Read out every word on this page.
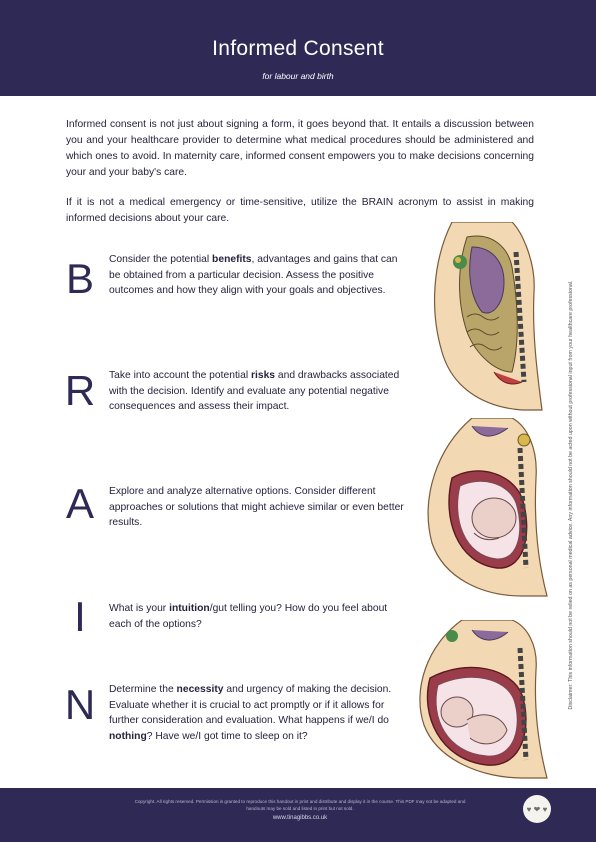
Informed Consent
for labour and birth

Informed consent is not just about signing a form, it goes beyond that. It entails a discussion between you and your healthcare provider to determine what medical procedures should be administered and which ones to avoid. In maternity care, informed consent empowers you to make decisions concerning your and your baby's care.

If it is not a medical emergency or time-sensitive, utilize the BRAIN acronym to assist in making informed decisions about your care.

B	Consider the potential benefits, advantages and gains that can be obtained from a particular decision. Assess the positive outcomes and how they align with your goals and objectives.

R	Take into account the potential risks and drawbacks associated with the decision. Identify and evaluate any potential negative consequences and assess their impact.

A	Explore and analyze alternative options. Consider different approaches or solutions that might achieve similar or even better results.

I	What is your intuition/gut telling you? How do you feel about each of the options?

N	Determine the necessity and urgency of making the decision. Evaluate whether it is crucial to act promptly or if it allows for further consideration and evaluation. What happens if we/I do nothing? Have we/I got time to sleep on it?

Disclaimer: This information should not be relied on as personal medical advice. Any information should not be acted upon without professional input from your healthcare professional.
Copyright. All rights reserved. Permission is granted to reproduce this handout in print and distribute and display it in the course. This PDF may not be adapted and
handouts may be sold and listed in print but not sold.
www.tinagibbs.co.uk
♥ ❤ ♥
